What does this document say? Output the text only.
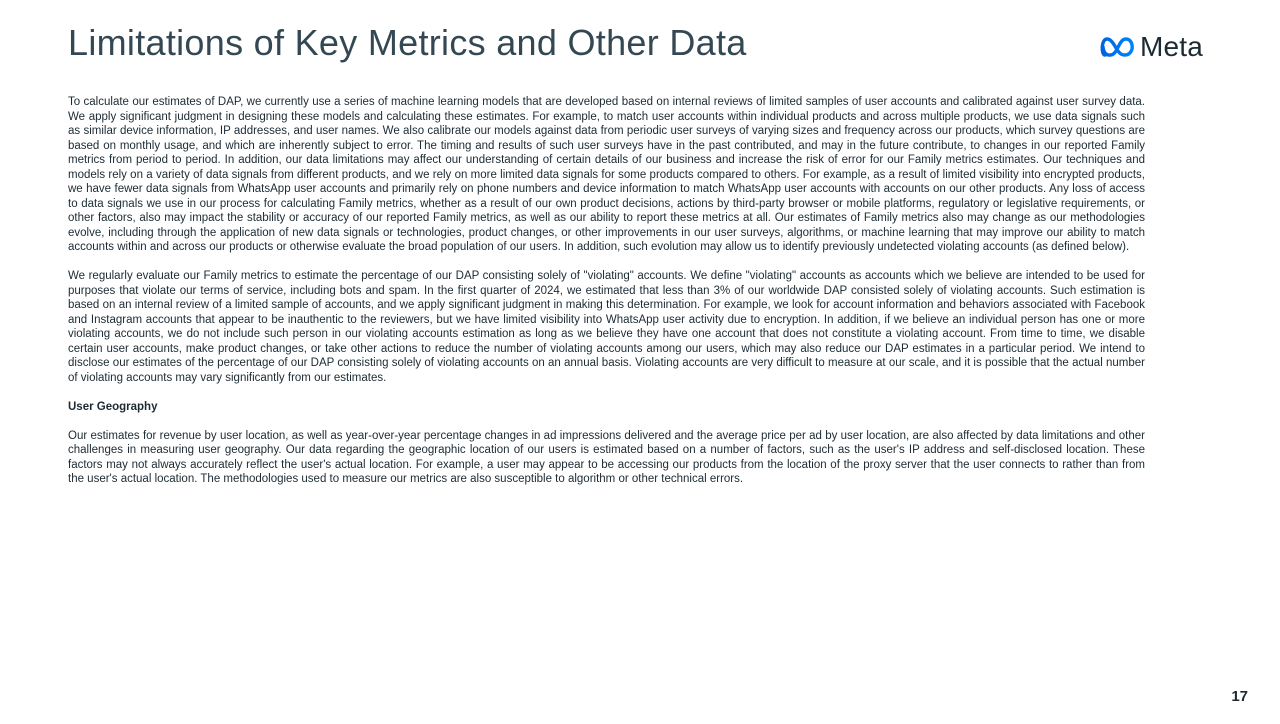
Limitations of Key Metrics and Other Data	Meta

To calculate our estimates of DAP, we currently use a series of machine learning models that are developed based on internal reviews of limited samples of user accounts and calibrated against user survey data. We apply significant judgment in designing these models and calculating these estimates. For example, to match user accounts within individual products and across multiple products, we use data signals such as similar device information, IP addresses, and user names. We also calibrate our models against data from periodic user surveys of varying sizes and frequency across our products, which survey questions are based on monthly usage, and which are inherently subject to error. The timing and results of such user surveys have in the past contributed, and may in the future contribute, to changes in our reported Family metrics from period to period. In addition, our data limitations may affect our understanding of certain details of our business and increase the risk of error for our Family metrics estimates. Our techniques and models rely on a variety of data signals from different products, and we rely on more limited data signals for some products compared to others. For example, as a result of limited visibility into encrypted products, we have fewer data signals from WhatsApp user accounts and primarily rely on phone numbers and device information to match WhatsApp user accounts with accounts on our other products. Any loss of access to data signals we use in our process for calculating Family metrics, whether as a result of our own product decisions, actions by third-party browser or mobile platforms, regulatory or legislative requirements, or other factors, also may impact the stability or accuracy of our reported Family metrics, as well as our ability to report these metrics at all. Our estimates of Family metrics also may change as our methodologies evolve, including through the application of new data signals or technologies, product changes, or other improvements in our user surveys, algorithms, or machine learning that may improve our ability to match accounts within and across our products or otherwise evaluate the broad population of our users. In addition, such evolution may allow us to identify previously undetected violating accounts (as defined below).

We regularly evaluate our Family metrics to estimate the percentage of our DAP consisting solely of "violating" accounts. We define "violating" accounts as accounts which we believe are intended to be used for purposes that violate our terms of service, including bots and spam. In the first quarter of 2024, we estimated that less than 3% of our worldwide DAP consisted solely of violating accounts. Such estimation is based on an internal review of a limited sample of accounts, and we apply significant judgment in making this determination. For example, we look for account information and behaviors associated with Facebook and Instagram accounts that appear to be inauthentic to the reviewers, but we have limited visibility into WhatsApp user activity due to encryption. In addition, if we believe an individual person has one or more violating accounts, we do not include such person in our violating accounts estimation as long as we believe they have one account that does not constitute a violating account. From time to time, we disable certain user accounts, make product changes, or take other actions to reduce the number of violating accounts among our users, which may also reduce our DAP estimates in a particular period. We intend to disclose our estimates of the percentage of our DAP consisting solely of violating accounts on an annual basis. Violating accounts are very difficult to measure at our scale, and it is possible that the actual number of violating accounts may vary significantly from our estimates.

User Geography

Our estimates for revenue by user location, as well as year-over-year percentage changes in ad impressions delivered and the average price per ad by user location, are also affected by data limitations and other challenges in measuring user geography. Our data regarding the geographic location of our users is estimated based on a number of factors, such as the user's IP address and self-disclosed location. These factors may not always accurately reflect the user's actual location. For example, a user may appear to be accessing our products from the location of the proxy server that the user connects to rather than from the user's actual location. The methodologies used to measure our metrics are also susceptible to algorithm or other technical errors.

17
